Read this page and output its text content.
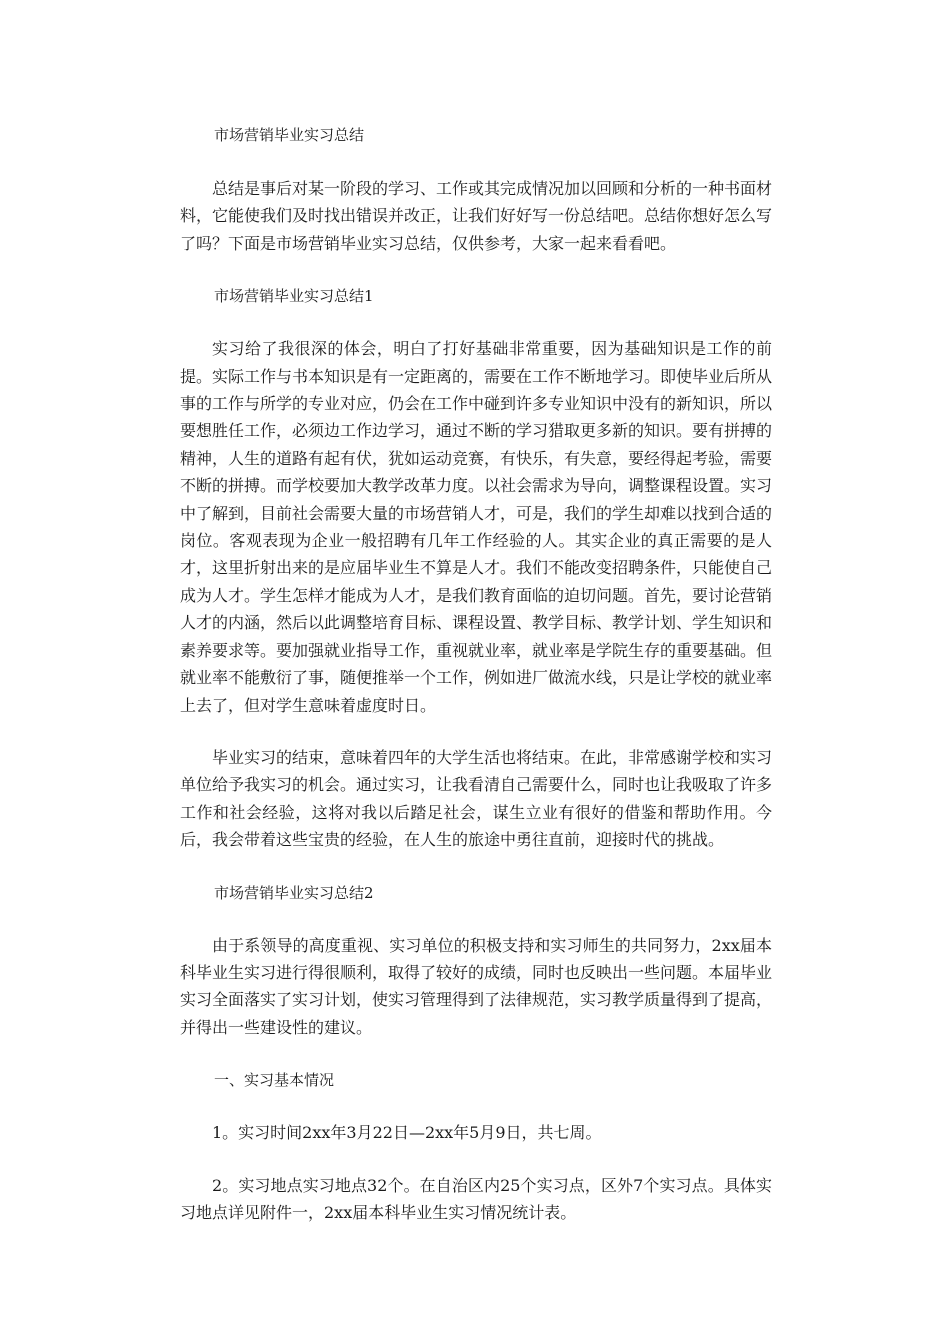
市场营销毕业实习总结

总结是事后对某一阶段的学习、工作或其完成情况加以回顾和分析的一种书面材料，它能使我们及时找出错误并改正，让我们好好写一份总结吧。总结你想好怎么写了吗？下面是市场营销毕业实习总结，仅供参考，大家一起来看看吧。

市场营销毕业实习总结1

实习给了我很深的体会，明白了打好基础非常重要，因为基础知识是工作的前提。实际工作与书本知识是有一定距离的，需要在工作不断地学习。即使毕业后所从事的工作与所学的专业对应，仍会在工作中碰到许多专业知识中没有的新知识，所以要想胜任工作，必须边工作边学习，通过不断的学习猎取更多新的知识。要有拼搏的精神，人生的道路有起有伏，犹如运动竞赛，有快乐，有失意，要经得起考验，需要不断的拼搏。而学校要加大教学改革力度。以社会需求为导向，调整课程设置。实习中了解到，目前社会需要大量的市场营销人才，可是，我们的学生却难以找到合适的岗位。客观表现为企业一般招聘有几年工作经验的人。其实企业的真正需要的是人才，这里折射出来的是应届毕业生不算是人才。我们不能改变招聘条件，只能使自己成为人才。学生怎样才能成为人才，是我们教育面临的迫切问题。首先，要讨论营销人才的内涵，然后以此调整培育目标、课程设置、教学目标、教学计划、学生知识和素养要求等。要加强就业指导工作，重视就业率，就业率是学院生存的重要基础。但就业率不能敷衍了事，随便推举一个工作，例如进厂做流水线，只是让学校的就业率上去了，但对学生意味着虚度时日。

毕业实习的结束，意味着四年的大学生活也将结束。在此，非常感谢学校和实习单位给予我实习的机会。通过实习，让我看清自己需要什么，同时也让我吸取了许多工作和社会经验，这将对我以后踏足社会，谋生立业有很好的借鉴和帮助作用。今后，我会带着这些宝贵的经验，在人生的旅途中勇往直前，迎接时代的挑战。

市场营销毕业实习总结2

由于系领导的高度重视、实习单位的积极支持和实习师生的共同努力，2xx届本科毕业生实习进行得很顺利，取得了较好的成绩，同时也反映出一些问题。本届毕业实习全面落实了实习计划，使实习管理得到了法律规范，实习教学质量得到了提高，并得出一些建设性的建议。

一、实习基本情况

1。实习时间2xx年3月22日—2xx年5月9日，共七周。

2。实习地点实习地点32个。在自治区内25个实习点，区外7个实习点。具体实习地点详见附件一，2xx届本科毕业生实习情况统计表。
